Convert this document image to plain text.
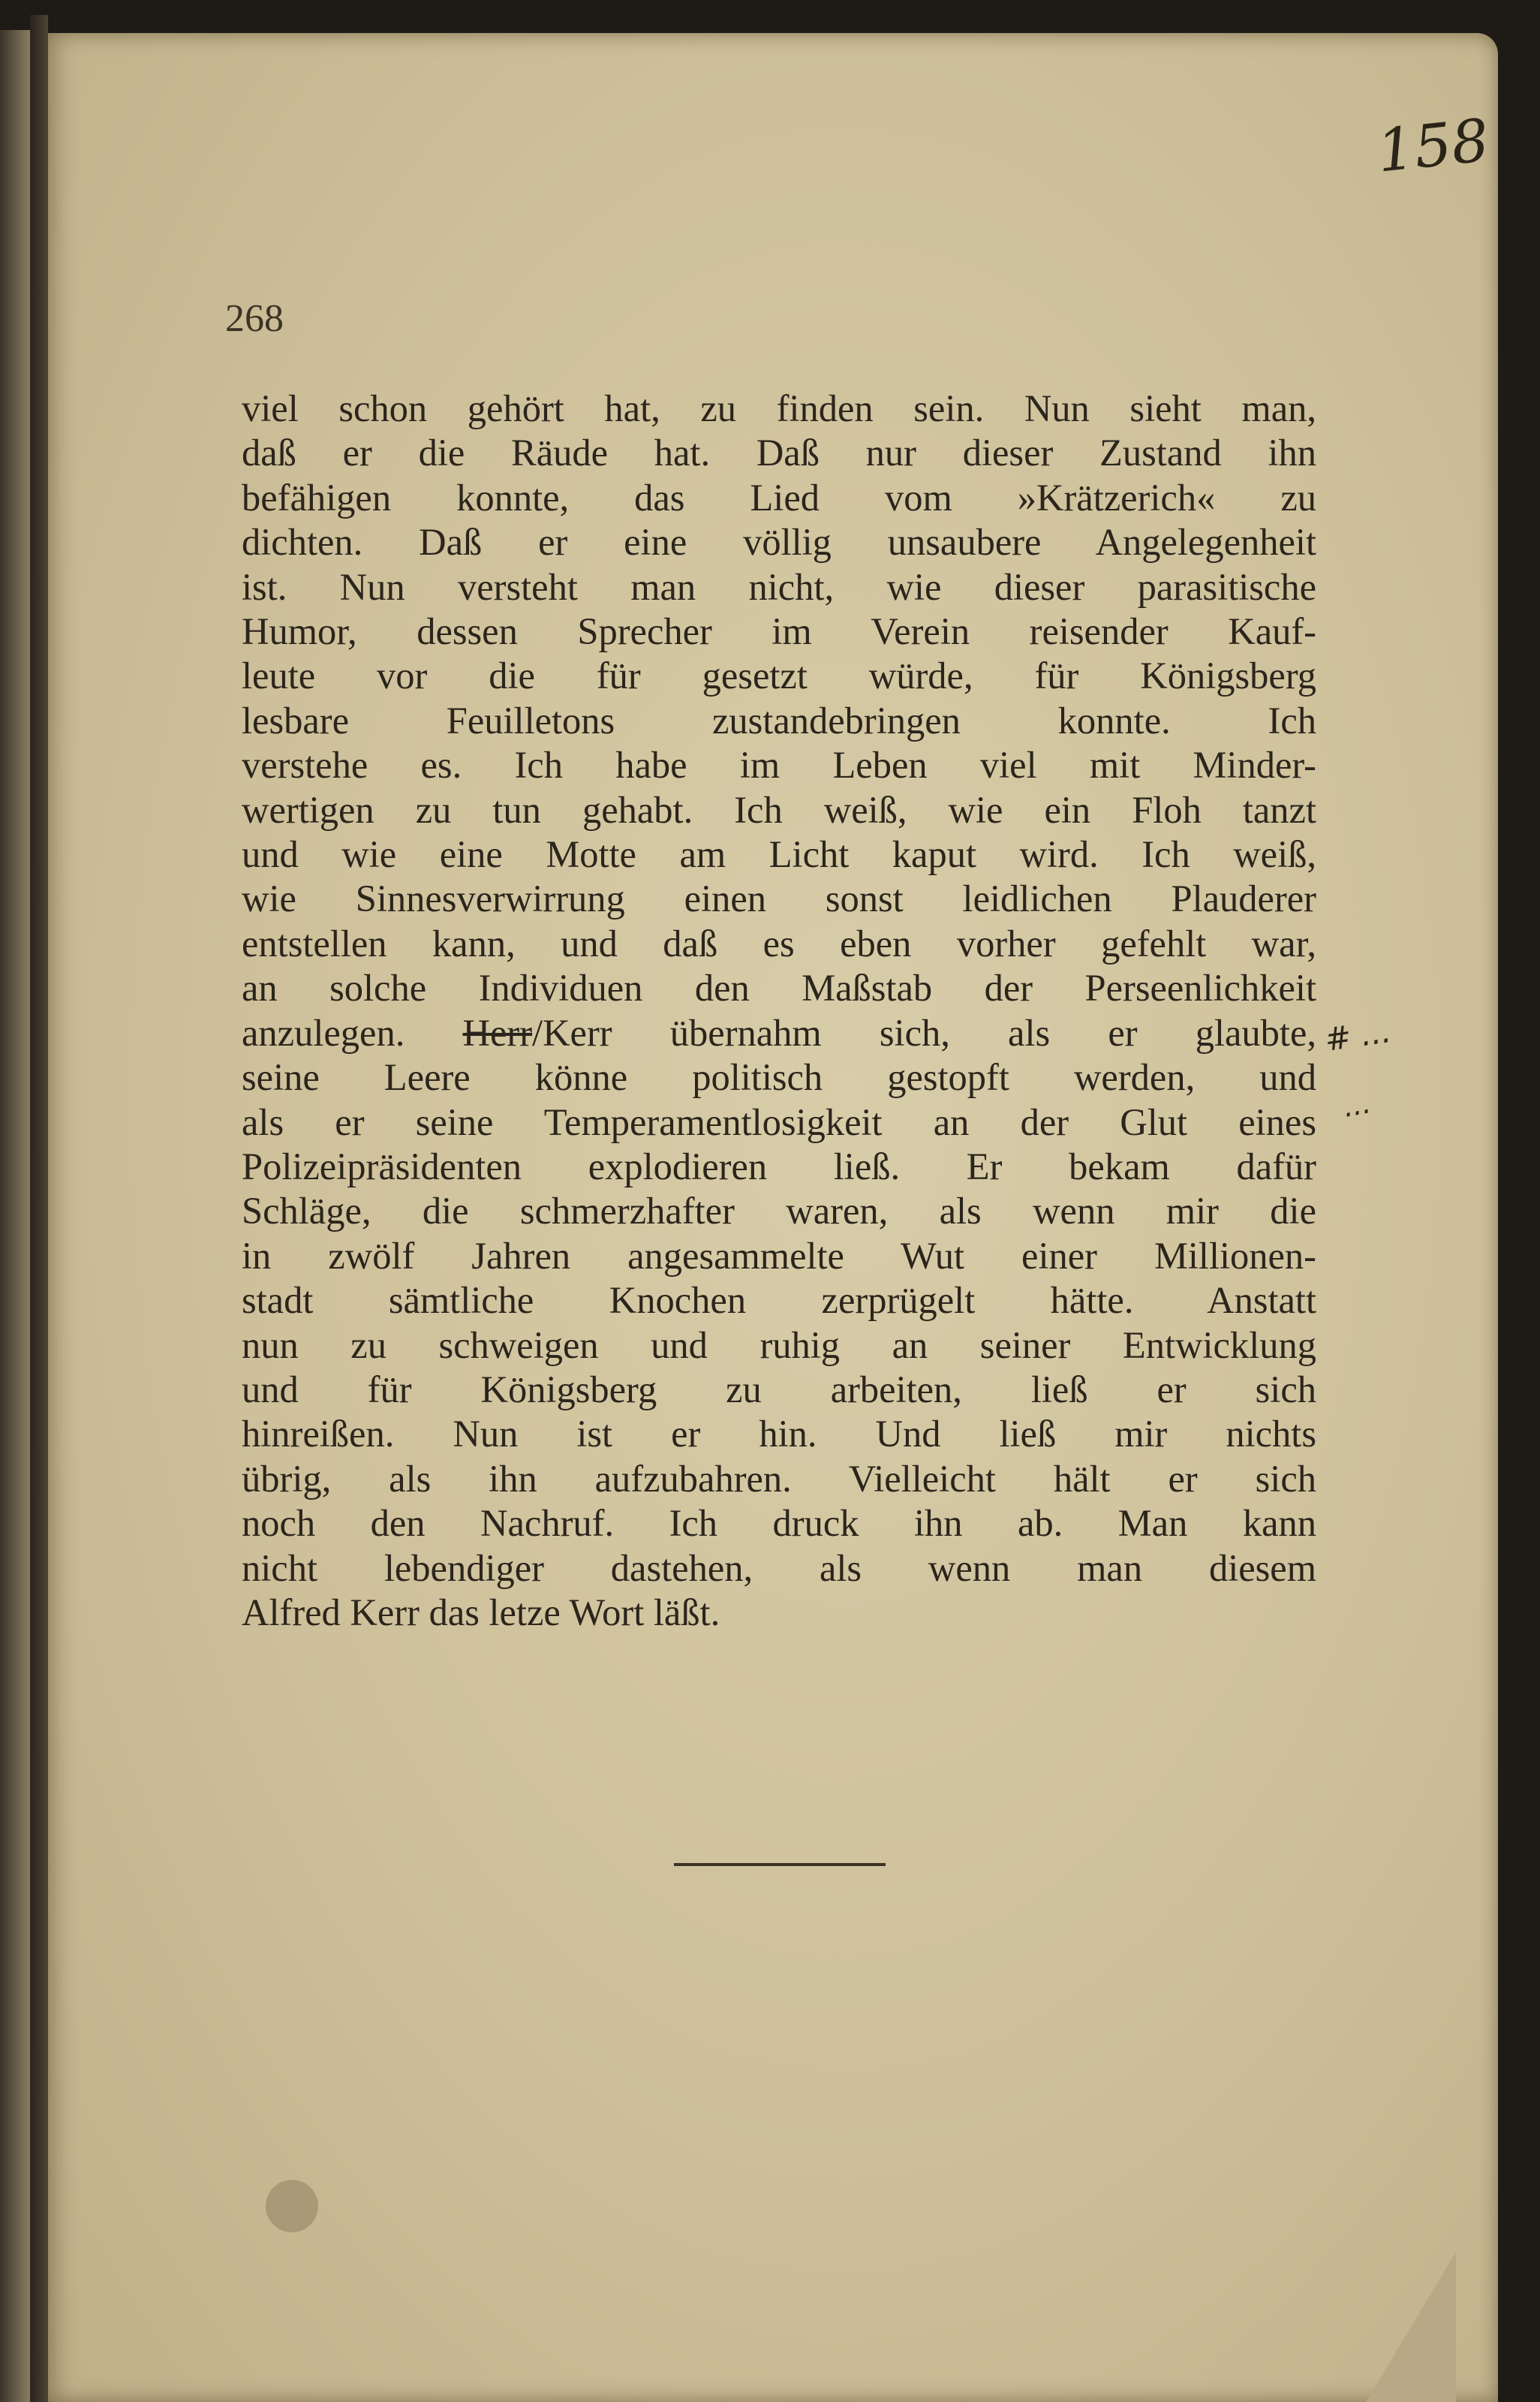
158
268
viel schon gehört hat, zu finden sein. Nun sieht man,
daß er die Räude hat. Daß nur dieser Zustand ihn
befähigen konnte, das Lied vom »Krätzerich« zu
dichten. Daß er eine völlig unsaubere Angelegenheit
ist. Nun versteht man nicht, wie dieser parasitische
Humor, dessen Sprecher im Verein reisender Kauf-
leute vor die für gesetzt würde, für Königsberg
lesbare Feuilletons zustandebringen konnte. Ich
verstehe es. Ich habe im Leben viel mit Minder-
wertigen zu tun gehabt. Ich weiß, wie ein Floh tanzt
und wie eine Motte am Licht kaput wird. Ich weiß,
wie Sinnesverwirrung einen sonst leidlichen Plauderer
entstellen kann, und daß es eben vorher gefehlt war,
an solche Individuen den Maßstab der Perseenlichkeit
anzulegen. Herr/Kerr übernahm sich, als er glaubte,
seine Leere könne politisch gestopft werden, und
als er seine Temperamentlosigkeit an der Glut eines
Polizeipräsidenten explodieren ließ. Er bekam dafür
Schläge, die schmerzhafter waren, als wenn mir die
in zwölf Jahren angesammelte Wut einer Millionen-
stadt sämtliche Knochen zerprügelt hätte. Anstatt
nun zu schweigen und ruhig an seiner Entwicklung
und für Königsberg zu arbeiten, ließ er sich
hinreißen. Nun ist er hin. Und ließ mir nichts
übrig, als ihn aufzubahren. Vielleicht hält er sich
noch den Nachruf. Ich druck ihn ab. Man kann
nicht lebendiger dastehen, als wenn man diesem
Alfred Kerr das letze Wort läßt.
# ...
...
